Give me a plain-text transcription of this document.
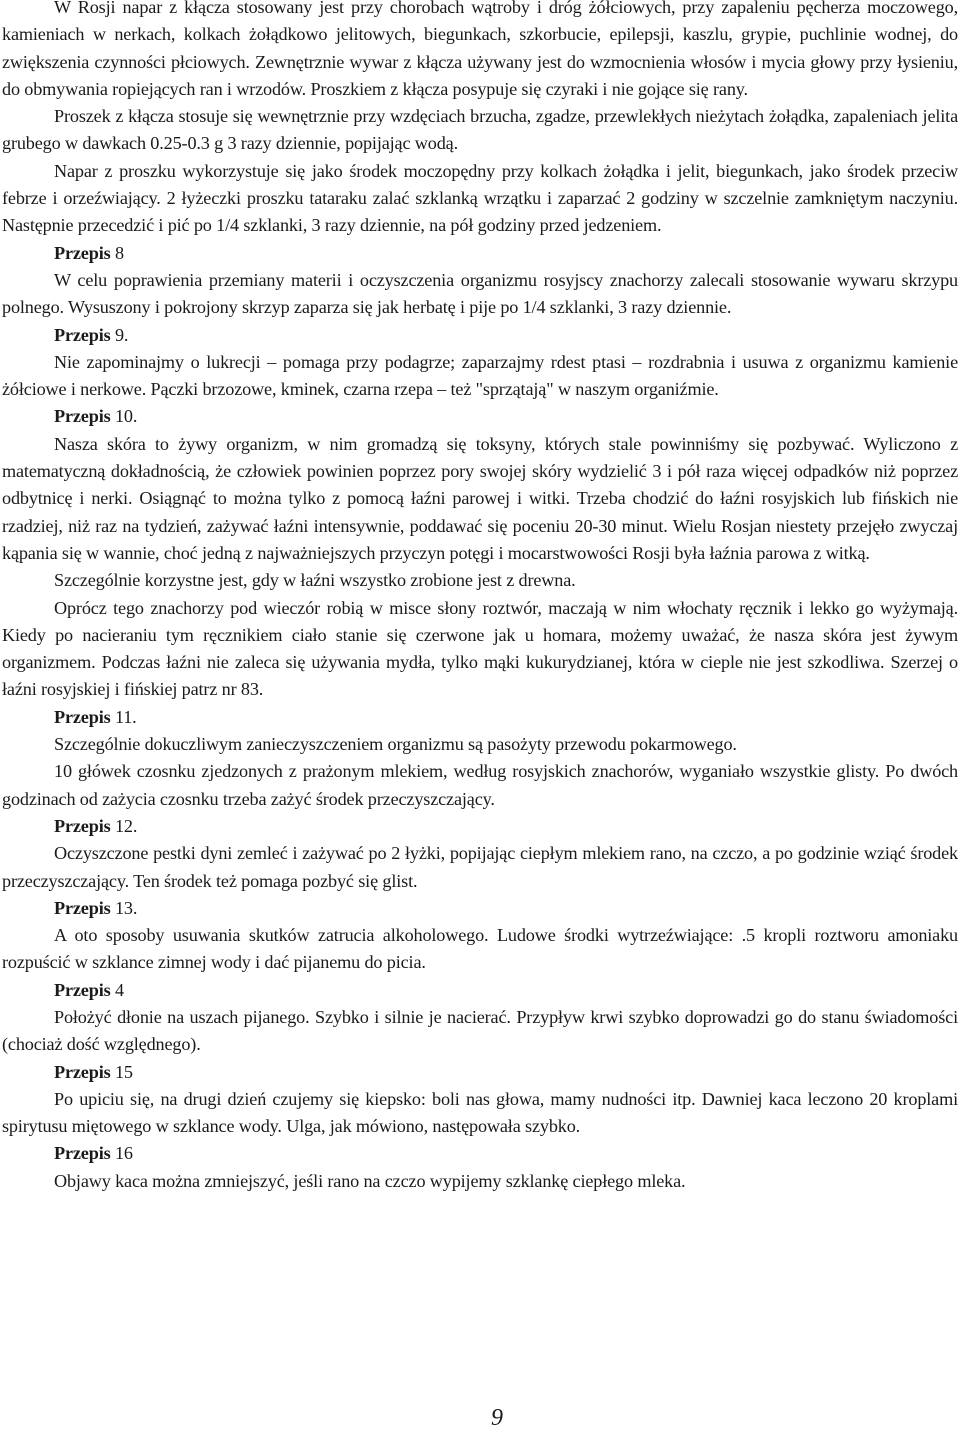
W Rosji napar z kłącza stosowany jest przy chorobach wątroby i dróg żółciowych, przy zapaleniu pęcherza moczowego, kamieniach w nerkach, kolkach żołądkowo jelitowych, biegunkach, szkorbucie, epilepsji, kaszlu, grypie, puchlinie wodnej, do zwiększenia czynności płciowych. Zewnętrznie wywar z kłącza używany jest do wzmocnienia włosów i mycia głowy przy łysieniu, do obmywania ropiejących ran i wrzodów. Proszkiem z kłącza posypuje się czyraki i nie gojące się rany.

Proszek z kłącza stosuje się wewnętrznie przy wzdęciach brzucha, zgadze, przewlekłych nieżytach żołądka, zapaleniach jelita grubego w dawkach 0.25-0.3 g 3 razy dziennie, popijając wodą.

Napar z proszku wykorzystuje się jako środek moczopędny przy kolkach żołądka i jelit, biegunkach, jako środek przeciw febrze i orzeźwiający. 2 łyżeczki proszku tataraku zalać szklanką wrzątku i zaparzać 2 godziny w szczelnie zamkniętym naczyniu. Następnie przecedzić i pić po 1/4 szklanki, 3 razy dziennie, na pół godziny przed jedzeniem.

Przepis 8

W celu poprawienia przemiany materii i oczyszczenia organizmu rosyjscy znachorzy zalecali stosowanie wywaru skrzypu polnego. Wysuszony i pokrojony skrzyp zaparza się jak herbatę i pije po 1/4 szklanki, 3 razy dziennie.

Przepis 9.

Nie zapominajmy o lukrecji – pomaga przy podagrze; zaparzajmy rdest ptasi – rozdrabnia i usuwa z organizmu kamienie żółciowe i nerkowe. Pączki brzozowe, kminek, czarna rzepa – też "sprzątają" w naszym organiźmie.

Przepis 10.

Nasza skóra to żywy organizm, w nim gromadzą się toksyny, których stale powinniśmy się pozbywać. Wyliczono z matematyczną dokładnością, że człowiek powinien poprzez pory swojej skóry wydzielić 3 i pół raza więcej odpadków niż poprzez odbytnicę i nerki. Osiągnąć to można tylko z pomocą łaźni parowej i witki. Trzeba chodzić do łaźni rosyjskich lub fińskich nie rzadziej, niż raz na tydzień, zażywać łaźni intensywnie, poddawać się poceniu 20-30 minut. Wielu Rosjan niestety przejęło zwyczaj kąpania się w wannie, choć jedną z najważniejszych przyczyn potęgi i mocarstwowości Rosji była łaźnia parowa z witką.

Szczególnie korzystne jest, gdy w łaźni wszystko zrobione jest z drewna.

Oprócz tego znachorzy pod wieczór robią w misce słony roztwór, maczają w nim włochaty ręcznik i lekko go wyżymają. Kiedy po nacieraniu tym ręcznikiem ciało stanie się czerwone jak u homara, możemy uważać, że nasza skóra jest żywym organizmem. Podczas łaźni nie zaleca się używania mydła, tylko mąki kukurydzianej, która w cieple nie jest szkodliwa. Szerzej o łaźni rosyjskiej i fińskiej patrz nr 83.

Przepis 11.

Szczególnie dokuczliwym zanieczyszczeniem organizmu są pasożyty przewodu pokarmowego.

10 główek czosnku zjedzonych z prażonym mlekiem, według rosyjskich znachorów, wyganiało wszystkie glisty. Po dwóch godzinach od zażycia czosnku trzeba zażyć środek przeczyszczający.

Przepis 12.

Oczyszczone pestki dyni zemleć i zażywać po 2 łyżki, popijając ciepłym mlekiem rano, na czczo, a po godzinie wziąć środek przeczyszczający. Ten środek też pomaga pozbyć się glist.

Przepis 13.

A oto sposoby usuwania skutków zatrucia alkoholowego. Ludowe środki wytrzeźwiające: .5 kropli roztworu amoniaku rozpuścić w szklance zimnej wody i dać pijanemu do picia.

Przepis 4

Położyć dłonie na uszach pijanego. Szybko i silnie je nacierać. Przypływ krwi szybko doprowadzi go do stanu świadomości (chociaż dość względnego).

Przepis 15

Po upiciu się, na drugi dzień czujemy się kiepsko: boli nas głowa, mamy nudności itp. Dawniej kaca leczono 20 kroplami spirytusu miętowego w szklance wody. Ulga, jak mówiono, następowała szybko.

Przepis 16

Objawy kaca można zmniejszyć, jeśli rano na czczo wypijemy szklankę ciepłego mleka.

9
